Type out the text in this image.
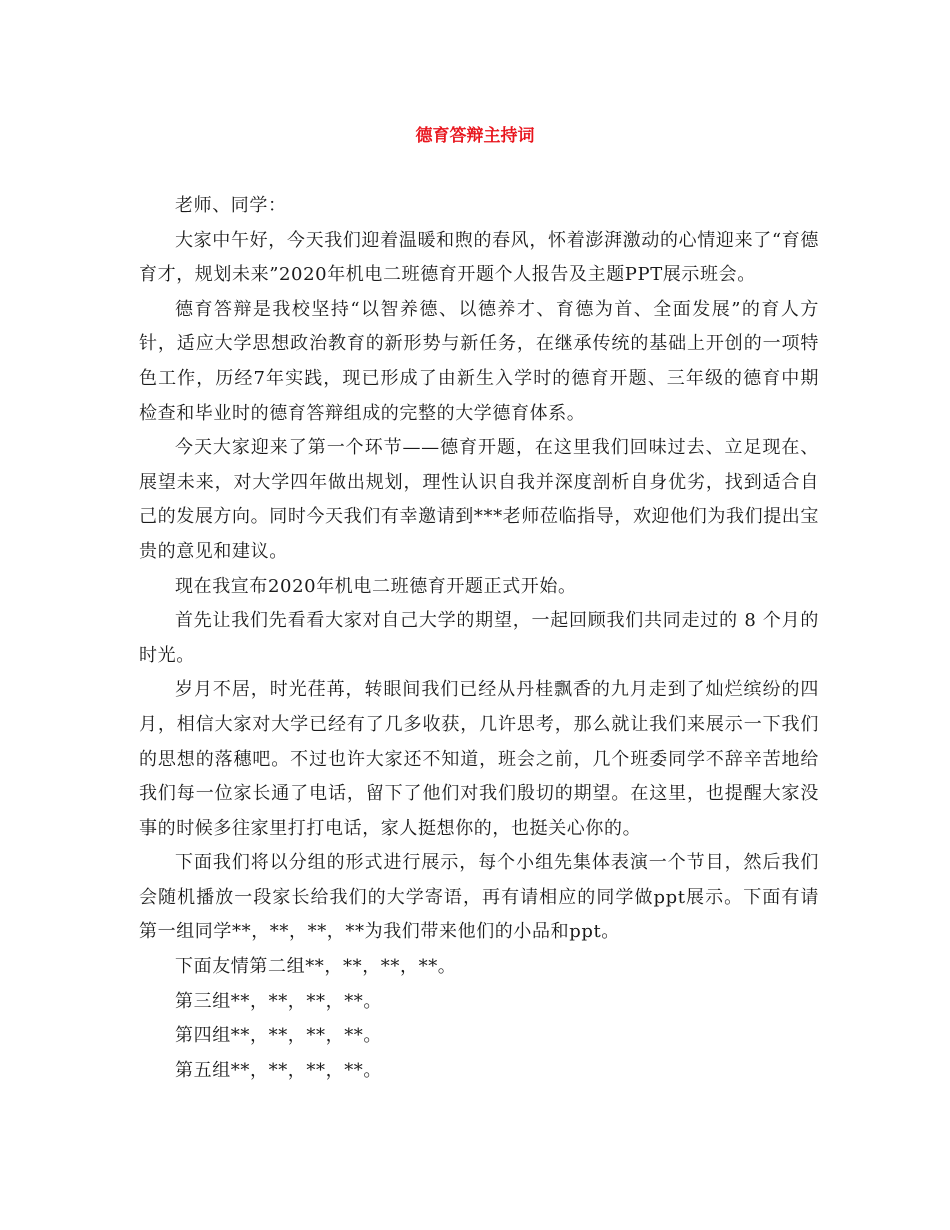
德育答辩主持词

老师、同学：

大家中午好，今天我们迎着温暖和煦的春风，怀着澎湃激动的心情迎来了“育德育才，规划未来”2020年机电二班德育开题个人报告及主题PPT展示班会。

德育答辩是我校坚持“以智养德、以德养才、育德为首、全面发展”的育人方针，适应大学思想政治教育的新形势与新任务，在继承传统的基础上开创的一项特色工作，历经7年实践，现已形成了由新生入学时的德育开题、三年级的德育中期检查和毕业时的德育答辩组成的完整的大学德育体系。

今天大家迎来了第一个环节——德育开题，在这里我们回味过去、立足现在、展望未来，对大学四年做出规划，理性认识自我并深度剖析自身优劣，找到适合自己的发展方向。同时今天我们有幸邀请到***老师莅临指导，欢迎他们为我们提出宝贵的意见和建议。

现在我宣布2020年机电二班德育开题正式开始。

首先让我们先看看大家对自己大学的期望，一起回顾我们共同走过的 8 个月的时光。

岁月不居，时光荏苒，转眼间我们已经从丹桂飘香的九月走到了灿烂缤纷的四月，相信大家对大学已经有了几多收获，几许思考，那么就让我们来展示一下我们的思想的落穗吧。不过也许大家还不知道，班会之前，几个班委同学不辞辛苦地给我们每一位家长通了电话，留下了他们对我们殷切的期望。在这里，也提醒大家没事的时候多往家里打打电话，家人挺想你的，也挺关心你的。

下面我们将以分组的形式进行展示，每个小组先集体表演一个节目，然后我们会随机播放一段家长给我们的大学寄语，再有请相应的同学做ppt展示。下面有请第一组同学**，**，**，**为我们带来他们的小品和ppt。

下面友情第二组**，**，**，**。

第三组**，**，**，**。

第四组**，**，**，**。

第五组**，**，**，**。
